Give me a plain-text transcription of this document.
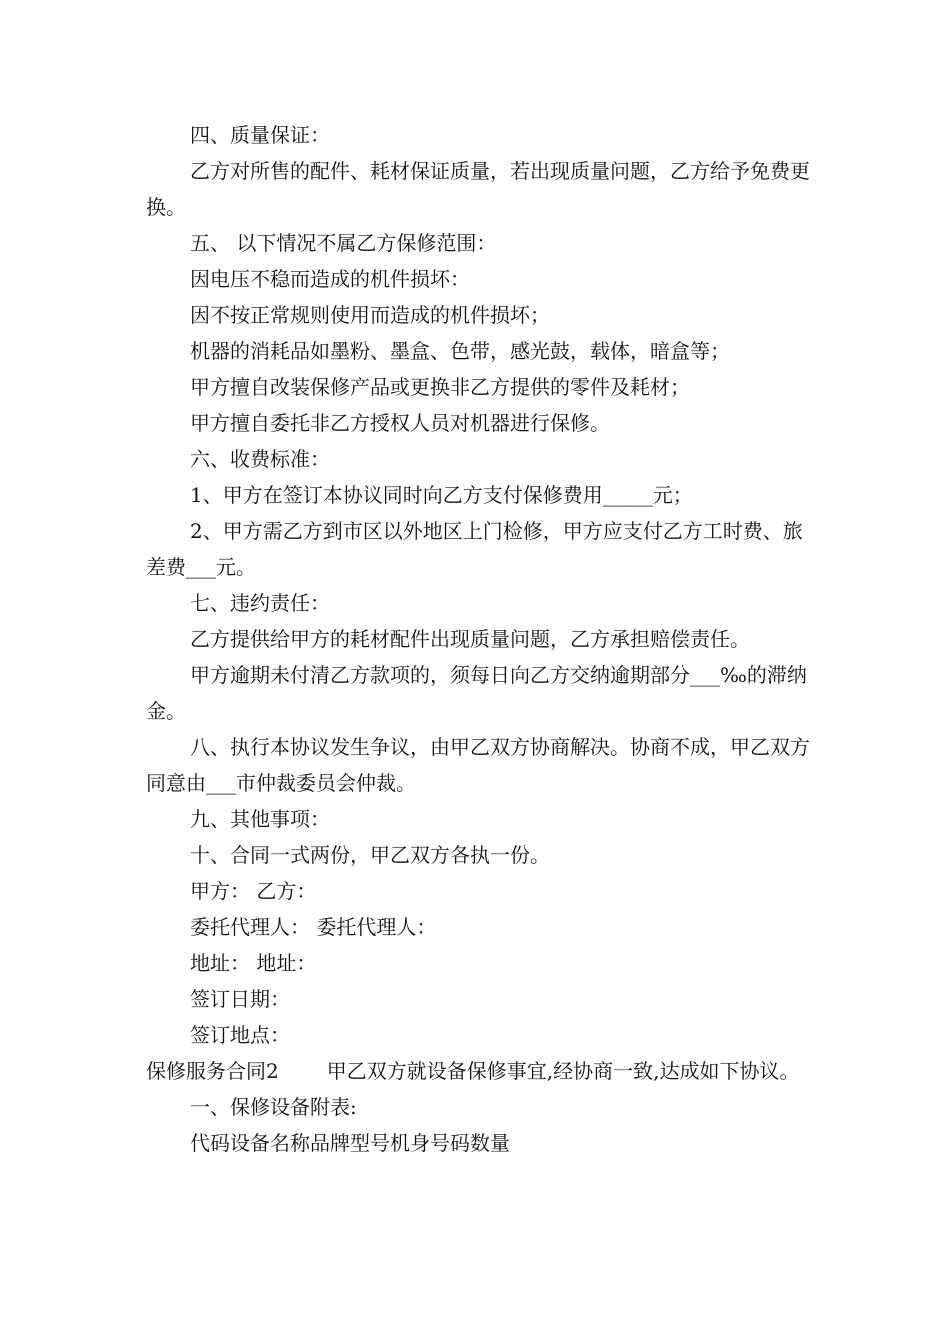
四、质量保证：

乙方对所售的配件、耗材保证质量，若出现质量问题，乙方给予免费更换。

五、 以下情况不属乙方保修范围：

因电压不稳而造成的机件损坏：

因不按正常规则使用而造成的机件损坏；

机器的消耗品如墨粉、墨盒、色带，感光鼓，载体，暗盒等；

甲方擅自改装保修产品或更换非乙方提供的零件及耗材；

甲方擅自委托非乙方授权人员对机器进行保修。

六、收费标准：

1、甲方在签订本协议同时向乙方支付保修费用_____元；

2、甲方需乙方到市区以外地区上门检修，甲方应支付乙方工时费、旅差费___元。

七、违约责任：

乙方提供给甲方的耗材配件出现质量问题，乙方承担赔偿责任。

甲方逾期未付清乙方款项的，须每日向乙方交纳逾期部分___‰的滞纳金。

八、执行本协议发生争议，由甲乙双方协商解决。协商不成，甲乙双方同意由___市仲裁委员会仲裁。

九、其他事项：

十、合同一式两份，甲乙双方各执一份。

甲方： 乙方：

委托代理人： 委托代理人：

地址： 地址：

签订日期：

签订地点：

保修服务合同2 甲乙双方就设备保修事宜,经协商一致,达成如下协议。

一、保修设备附表:

代码设备名称品牌型号机身号码数量
